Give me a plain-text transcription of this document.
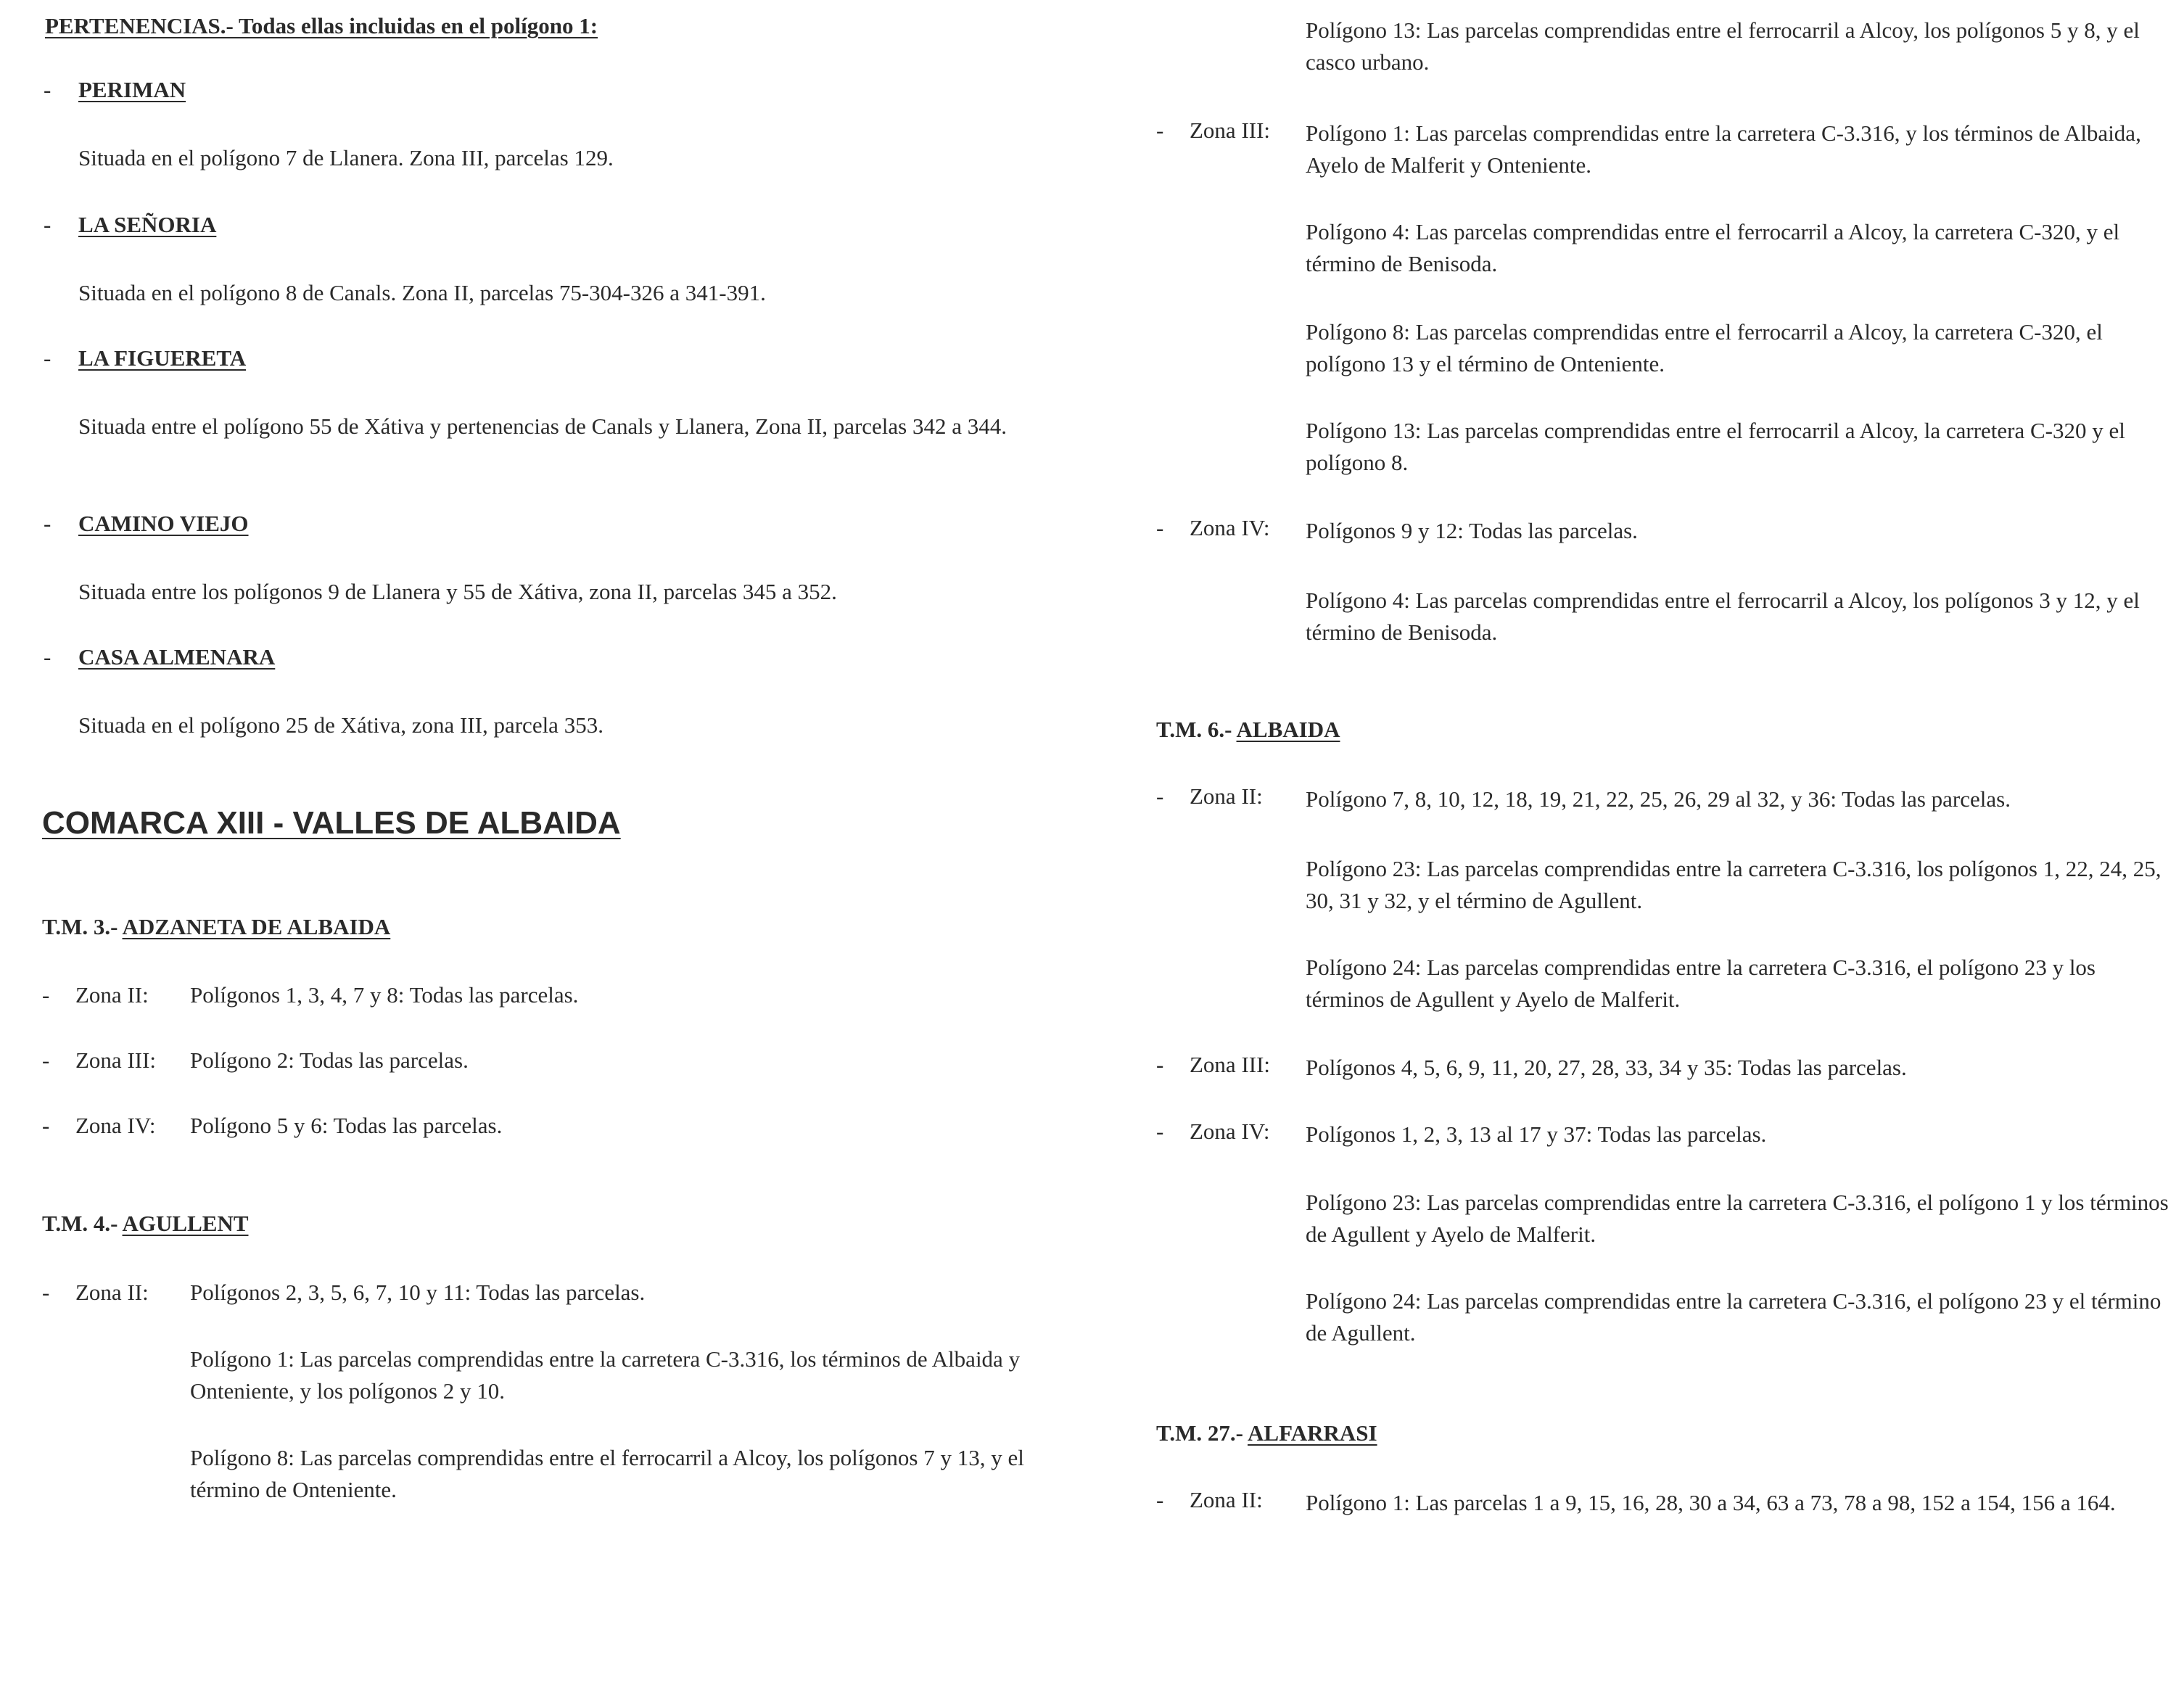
PERTENENCIAS.- Todas ellas incluidas en el polígono 1:
- PERIMAN
Situada en el polígono 7 de Llanera. Zona III, parcelas 129.
- LA SEÑORIA
Situada en el polígono 8 de Canals. Zona II, parcelas 75-304-326 a 341-391.
- LA FIGUERETA
Situada entre el polígono 55 de Xátiva y pertenencias de Canals y Llanera, Zona II, parcelas 342 a 344.
- CAMINO VIEJO
Situada entre los polígonos 9 de Llanera y 55 de Xátiva, zona II, parcelas 345 a 352.
- CASA ALMENARA
Situada en el polígono 25 de Xátiva, zona III, parcela 353.
COMARCA XIII - VALLES DE ALBAIDA
T.M. 3.- ADZANETA DE ALBAIDA
- Zona II: Polígonos 1, 3, 4, 7 y 8: Todas las parcelas.
- Zona III: Polígono 2: Todas las parcelas.
- Zona IV: Polígono 5 y 6: Todas las parcelas.
T.M. 4.- AGULLENT
- Zona II: Polígonos 2, 3, 5, 6, 7, 10 y 11: Todas las parcelas.
Polígono 1: Las parcelas comprendidas entre la carretera C-3.316, los términos de Albaida y Onteniente, y los polígonos 2 y 10.
Polígono 8: Las parcelas comprendidas entre el ferrocarril a Alcoy, los polígonos 7 y 13, y el término de Onteniente.
Polígono 13: Las parcelas comprendidas entre el ferrocarril a Alcoy, los polígonos 5 y 8, y el casco urbano.
- Zona III: Polígono 1: Las parcelas comprendidas entre la carretera C-3.316, y los términos de Albaida, Ayelo de Malferit y Onteniente.
Polígono 4: Las parcelas comprendidas entre el ferrocarril a Alcoy, la carretera C-320, y el término de Benisoda.
Polígono 8: Las parcelas comprendidas entre el ferrocarril a Alcoy, la carretera C-320, el polígono 13 y el término de Onteniente.
Polígono 13: Las parcelas comprendidas entre el ferrocarril a Alcoy, la carretera C-320 y el polígono 8.
- Zona IV: Polígonos 9 y 12: Todas las parcelas.
Polígono 4: Las parcelas comprendidas entre el ferrocarril a Alcoy, los polígonos 3 y 12, y el término de Benisoda.
T.M. 6.- ALBAIDA
- Zona II: Polígono 7, 8, 10, 12, 18, 19, 21, 22, 25, 26, 29 al 32, y 36: Todas las parcelas.
Polígono 23: Las parcelas comprendidas entre la carretera C-3.316, los polígonos 1, 22, 24, 25, 30, 31 y 32, y el término de Agullent.
Polígono 24: Las parcelas comprendidas entre la carretera C-3.316, el polígono 23 y los términos de Agullent y Ayelo de Malferit.
- Zona III: Polígonos 4, 5, 6, 9, 11, 20, 27, 28, 33, 34 y 35: Todas las parcelas.
- Zona IV: Polígonos 1, 2, 3, 13 al 17 y 37: Todas las parcelas.
Polígono 23: Las parcelas comprendidas entre la carretera C-3.316, el polígono 1 y los términos de Agullent y Ayelo de Malferit.
Polígono 24: Las parcelas comprendidas entre la carretera C-3.316, el polígono 23 y el término de Agullent.
T.M. 27.- ALFARRASI
- Zona II: Polígono 1: Las parcelas 1 a 9, 15, 16, 28, 30 a 34, 63 a 73, 78 a 98, 152 a 154, 156 a 164.
